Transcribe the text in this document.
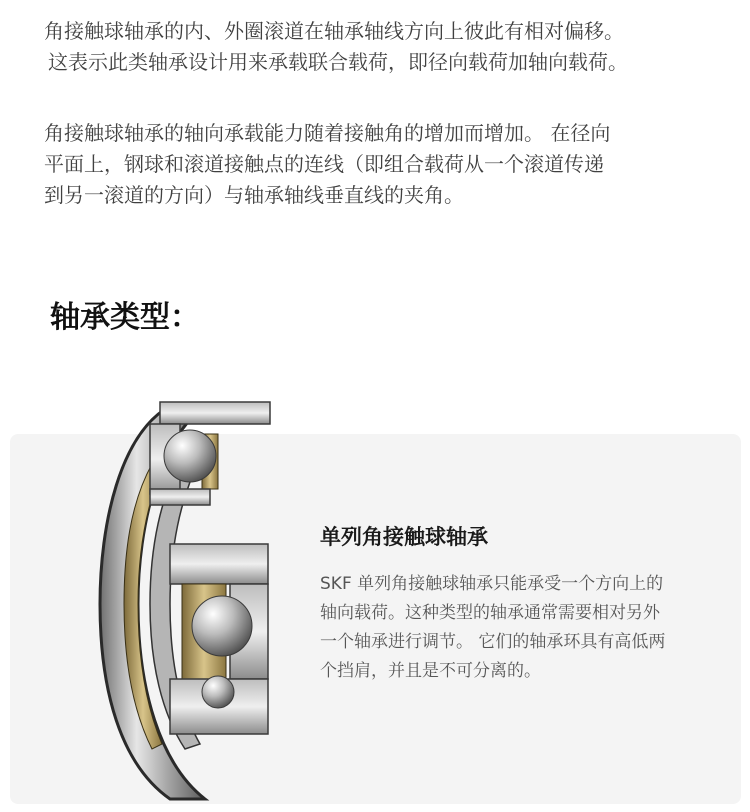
角接触球轴承的内、外圈滚道在轴承轴线方向上彼此有相对偏移。
这表示此类轴承设计用来承载联合载荷，即径向载荷加轴向载荷。
角接触球轴承的轴向承载能力随着接触角的增加而增加。 在径向
平面上，钢球和滚道接触点的连线（即组合载荷从一个滚道传递
到另一滚道的方向）与轴承轴线垂直线的夹角。
轴承类型：
单列角接触球轴承
SKF 单列角接触球轴承只能承受一个方向上的
轴向载荷。这种类型的轴承通常需要相对另外
一个轴承进行调节。 它们的轴承环具有高低两
个挡肩，并且是不可分离的。
